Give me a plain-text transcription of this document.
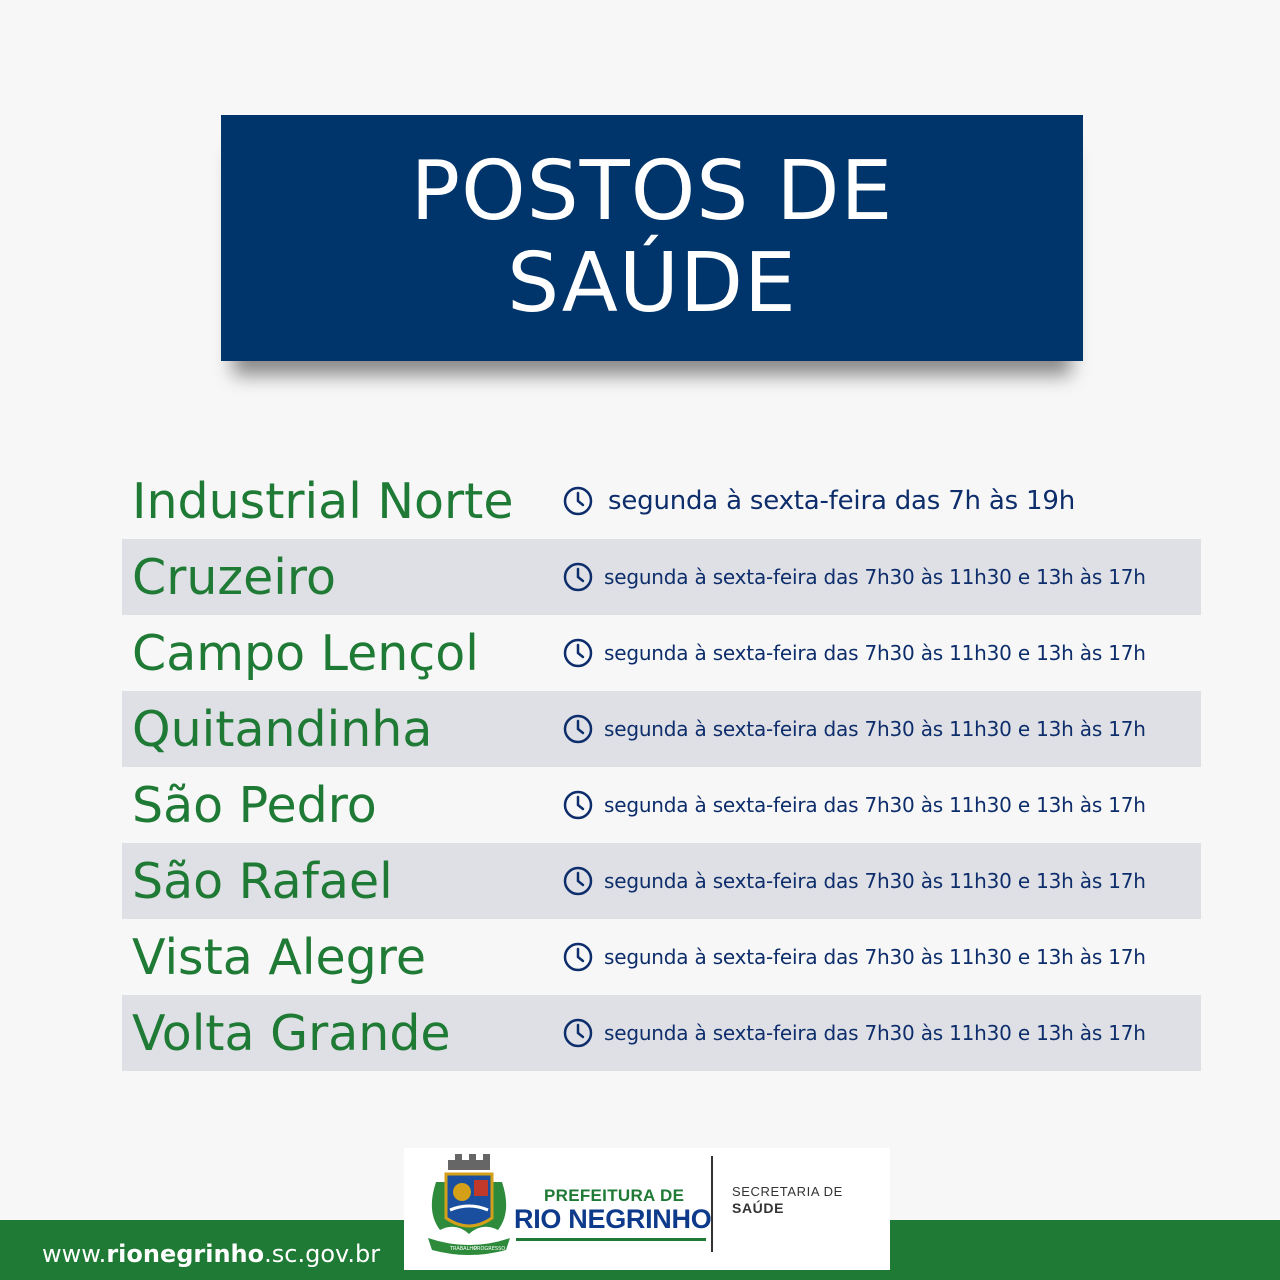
POSTOS DE
SAÚDE
Industrial Norte	segunda à sexta-feira das 7h às 19h
Cruzeiro	segunda à sexta-feira das 7h30 às 11h30 e 13h às 17h
Campo Lençol	segunda à sexta-feira das 7h30 às 11h30 e 13h às 17h
Quitandinha	segunda à sexta-feira das 7h30 às 11h30 e 13h às 17h
São Pedro	segunda à sexta-feira das 7h30 às 11h30 e 13h às 17h
São Rafael	segunda à sexta-feira das 7h30 às 11h30 e 13h às 17h
Vista Alegre	segunda à sexta-feira das 7h30 às 11h30 e 13h às 17h
Volta Grande	segunda à sexta-feira das 7h30 às 11h30 e 13h às 17h
www.rionegrinho.sc.gov.br	TRABALHO
PROGRESSO
PREFEITURA DE
RIO NEGRINHO
SECRETARIA DE
SAÚDE
